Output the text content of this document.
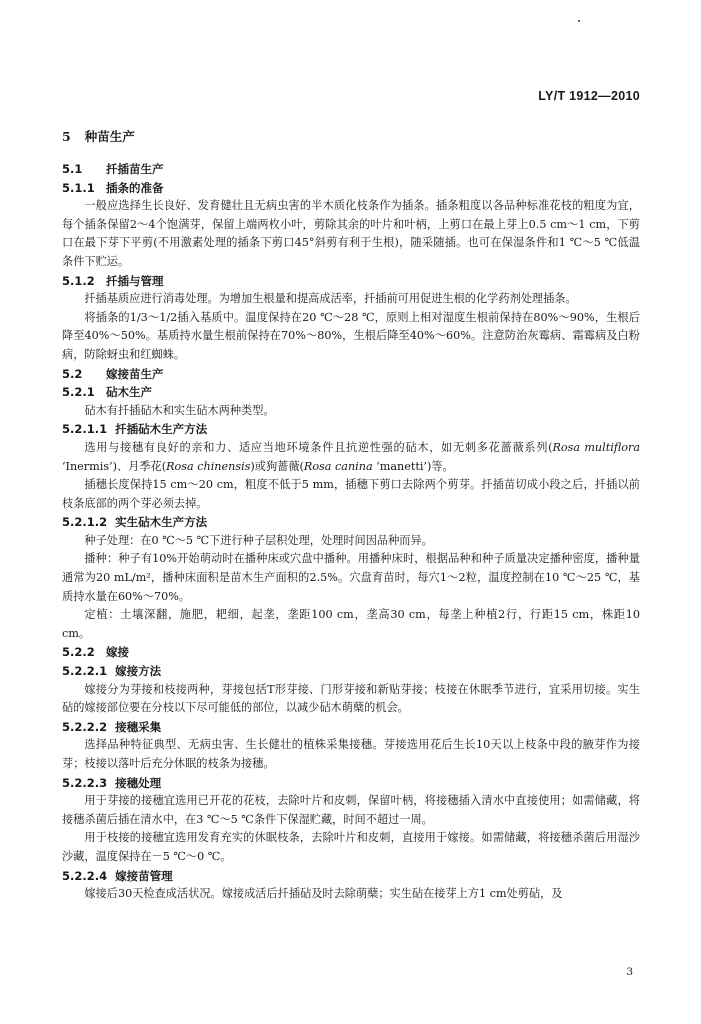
LY/T 1912—2010
5 种苗生产
5.1 扦插苗生产
5.1.1 插条的准备

一般应选择生长良好、发育健壮且无病虫害的半木质化枝条作为插条。插条粗度以各品种标准花枝的粗度为宜，每个插条保留2～4个饱满芽，保留上端两枚小叶，剪除其余的叶片和叶柄，上剪口在最上芽上0.5 cm～1 cm，下剪口在最下芽下平剪(不用激素处理的插条下剪口45°斜剪有利于生根)，随采随插。也可在保湿条件和1 ℃～5 ℃低温条件下贮运。

5.1.2 扦插与管理

扦插基质应进行消毒处理。为增加生根量和提高成活率，扦插前可用促进生根的化学药剂处理插条。

将插条的1/3～1/2插入基质中。温度保持在20 ℃～28 ℃，原则上相对湿度生根前保持在80%～90%，生根后降至40%～50%。基质持水量生根前保持在70%～80%，生根后降至40%～60%。注意防治灰霉病、霜霉病及白粉病，防除蚜虫和红蜘蛛。

5.2 嫁接苗生产
5.2.1 砧木生产

砧木有扦插砧木和实生砧木两种类型。

5.2.1.1 扦插砧木生产方法

选用与接穗有良好的亲和力、适应当地环境条件且抗逆性强的砧木，如无刺多花蔷薇系列(Rosa multiflora ‘Inermis’)、月季花(Rosa chinensis)或狗蔷薇(Rosa canina ‘manetti’)等。

插穗长度保持15 cm～20 cm，粗度不低于5 mm，插穗下剪口去除两个剪芽。扦插苗切成小段之后，扦插以前枝条底部的两个芽必须去掉。

5.2.1.2 实生砧木生产方法

种子处理：在0 ℃～5 ℃下进行种子层积处理，处理时间因品种而异。

播种：种子有10%开始萌动时在播种床或穴盘中播种。用播种床时，根据品种和种子质量决定播种密度，播种量通常为20 mL/m²，播种床面积是苗木生产面积的2.5%。穴盘育苗时，每穴1～2粒，温度控制在10 ℃～25 ℃，基质持水量在60%～70%。

定植：土壤深翻，施肥，耙细，起垄，垄距100 cm，垄高30 cm，每垄上种植2行，行距15 cm，株距10 cm。

5.2.2 嫁接
5.2.2.1 嫁接方法

嫁接分为芽接和枝接两种，芽接包括T形芽接、门形芽接和新贴芽接；枝接在休眠季节进行，宜采用切接。实生砧的嫁接部位要在分枝以下尽可能低的部位，以减少砧木萌蘖的机会。

5.2.2.2 接穗采集

选择品种特征典型、无病虫害、生长健壮的植株采集接穗。芽接选用花后生长10天以上枝条中段的腋芽作为接芽；枝接以落叶后充分休眠的枝条为接穗。

5.2.2.3 接穗处理

用于芽接的接穗宜选用已开花的花枝，去除叶片和皮刺，保留叶柄，将接穗插入清水中直接使用；如需储藏，将接穗杀菌后插在清水中，在3 ℃～5 ℃条件下保湿贮藏，时间不超过一周。

用于枝接的接穗宜选用发育充实的休眠枝条，去除叶片和皮刺，直接用于嫁接。如需储藏，将接穗杀菌后用湿沙沙藏，温度保持在－5 ℃～0 ℃。

5.2.2.4 嫁接苗管理

嫁接后30天检查成活状况。嫁接成活后扦插砧及时去除萌蘖；实生砧在接芽上方1 cm处剪砧，及

3
